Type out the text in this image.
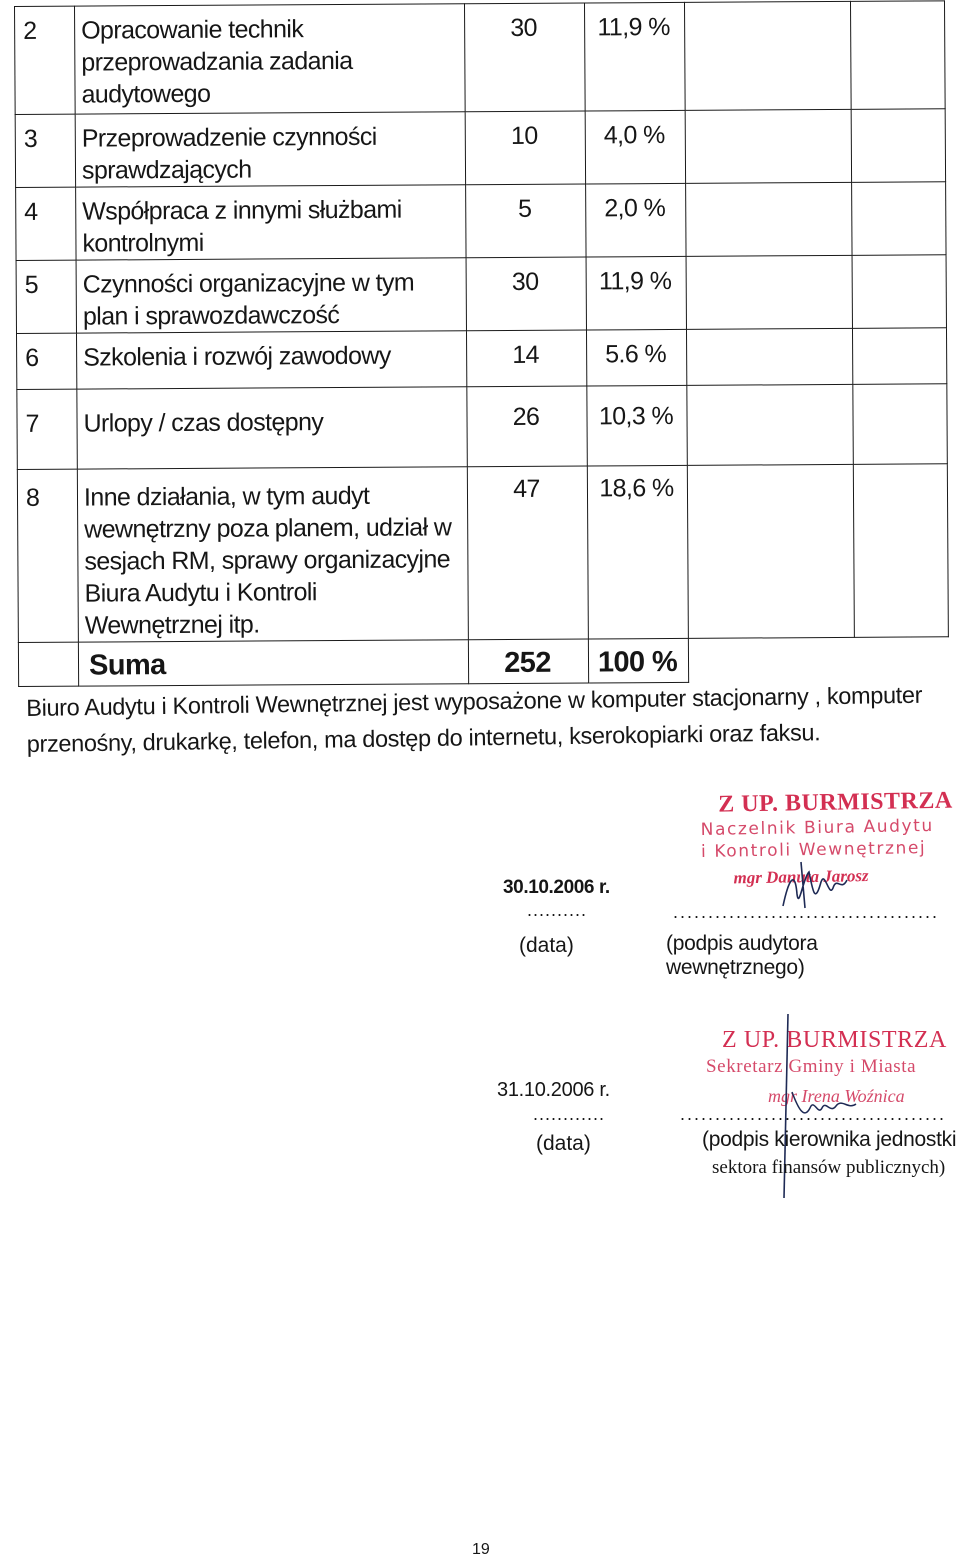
2	Opracowanie technik przeprowadzania zadania audytowego	30	11,9 %		
3	Przeprowadzenie czynności sprawdzających	10	4,0 %		
4	Współpraca z innymi służbami kontrolnymi	5	2,0 %		
5	Czynności organizacyjne w tym plan i sprawozdawczość	30	11,9 %		
6	Szkolenia i rozwój zawodowy	14	5.6 %		
7	Urlopy / czas dostępny	26	10,3 %		
8	Inne działania, w tym audyt wewnętrzny poza planem, udział w sesjach RM, sprawy organizacyjne Biura Audytu i Kontroli Wewnętrznej itp.	47	18,6 %		
	Suma	252	100 %		
Biuro Audytu i Kontroli Wewnętrznej jest wyposażone w komputer stacjonarny , komputer przenośny, drukarkę, telefon, ma dostęp do internetu, kserokopiarki oraz faksu.
Z UP. BURMISTRZA
Naczelnik Biura Audytu
i Kontroli Wewnętrznej
mgr Danuta Jarosz
30.10.2006 r.
..........
(data)
......................................
(podpis audytora wewnętrznego)
Z UP. BURMISTRZA
Sekretarz Gminy i Miasta
mgr Irena Woźnica
31.10.2006 r.
............
(data)
......................................
(podpis kierownika jednostki
sektora finansów publicznych)
19
